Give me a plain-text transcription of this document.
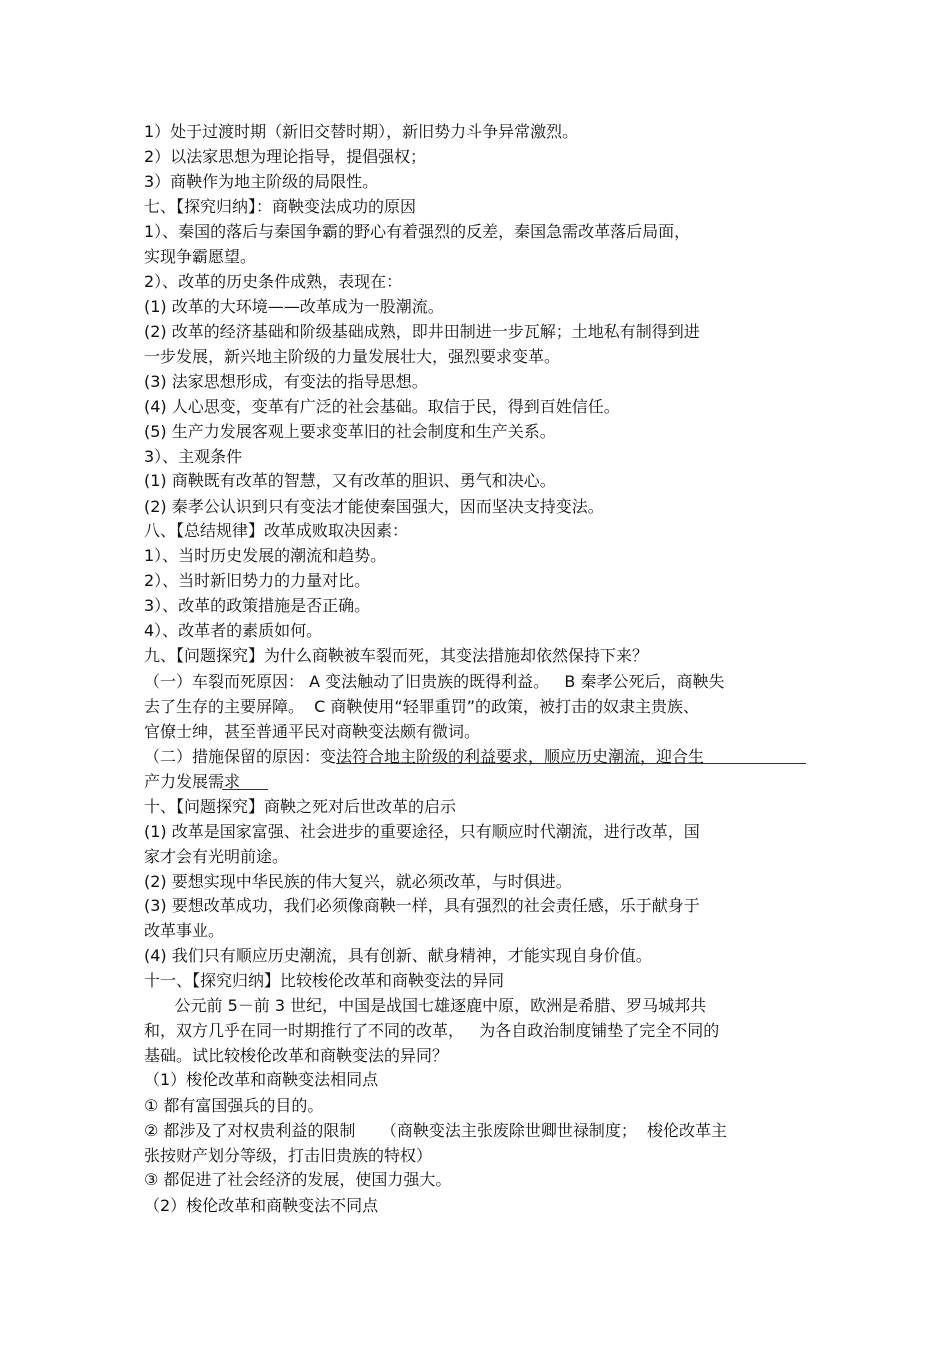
1）处于过渡时期（新旧交替时期），新旧势力斗争异常激烈。

2）以法家思想为理论指导，提倡强权；

3）商鞅作为地主阶级的局限性。

七、【探究归纳】：商鞅变法成功的原因

1）、秦国的落后与秦国争霸的野心有着强烈的反差，秦国急需改革落后局面，

实现争霸愿望。

2）、改革的历史条件成熟，表现在：

(1) 改革的大环境——改革成为一股潮流。

(2) 改革的经济基础和阶级基础成熟，即井田制进一步瓦解；土地私有制得到进

一步发展，新兴地主阶级的力量发展壮大，强烈要求变革。

(3) 法家思想形成，有变法的指导思想。

(4) 人心思变，变革有广泛的社会基础。取信于民，得到百姓信任。

(5) 生产力发展客观上要求变革旧的社会制度和生产关系。

3）、主观条件

(1) 商鞅既有改革的智慧，又有改革的胆识、勇气和决心。

(2) 秦孝公认识到只有变法才能使秦国强大，因而坚决支持变法。

八、【总结规律】改革成败取决因素：

1）、当时历史发展的潮流和趋势。

2）、当时新旧势力的力量对比。

3）、改革的政策措施是否正确。

4）、改革者的素质如何。

九、【问题探究】为什么商鞅被车裂而死，其变法措施却依然保持下来？

（一）车裂而死原因： A 变法触动了旧贵族的既得利益。   B 秦孝公死后，商鞅失

去了生存的主要屏障。  C 商鞅使用“轻罪重罚”的政策，被打击的奴隶主贵族、

官僚士绅，甚至普通平民对商鞅变法颇有微词。

（二）措施保留的原因：变法符合地主阶级的利益要求，顺应历史潮流，迎合生

产力发展需求

十、【问题探究】商鞅之死对后世改革的启示

(1) 改革是国家富强、社会进步的重要途径，只有顺应时代潮流，进行改革，国

家才会有光明前途。

(2) 要想实现中华民族的伟大复兴，就必须改革，与时俱进。

(3) 要想改革成功，我们必须像商鞅一样，具有强烈的社会责任感，乐于献身于

改革事业。

(4) 我们只有顺应历史潮流，具有创新、献身精神，才能实现自身价值。

十一、【探究归纳】比较梭伦改革和商鞅变法的异同

公元前 5－前 3 世纪，中国是战国七雄逐鹿中原，欧洲是希腊、罗马城邦共

和，双方几乎在同一时期推行了不同的改革，   为各自政治制度铺垫了完全不同的

基础。试比较梭伦改革和商鞅变法的异同？

（1）梭伦改革和商鞅变法相同点

① 都有富国强兵的目的。

② 都涉及了对权贵利益的限制     （商鞅变法主张废除世卿世禄制度；  梭伦改革主

张按财产划分等级，打击旧贵族的特权）

③ 都促进了社会经济的发展，使国力强大。

（2）梭伦改革和商鞅变法不同点
